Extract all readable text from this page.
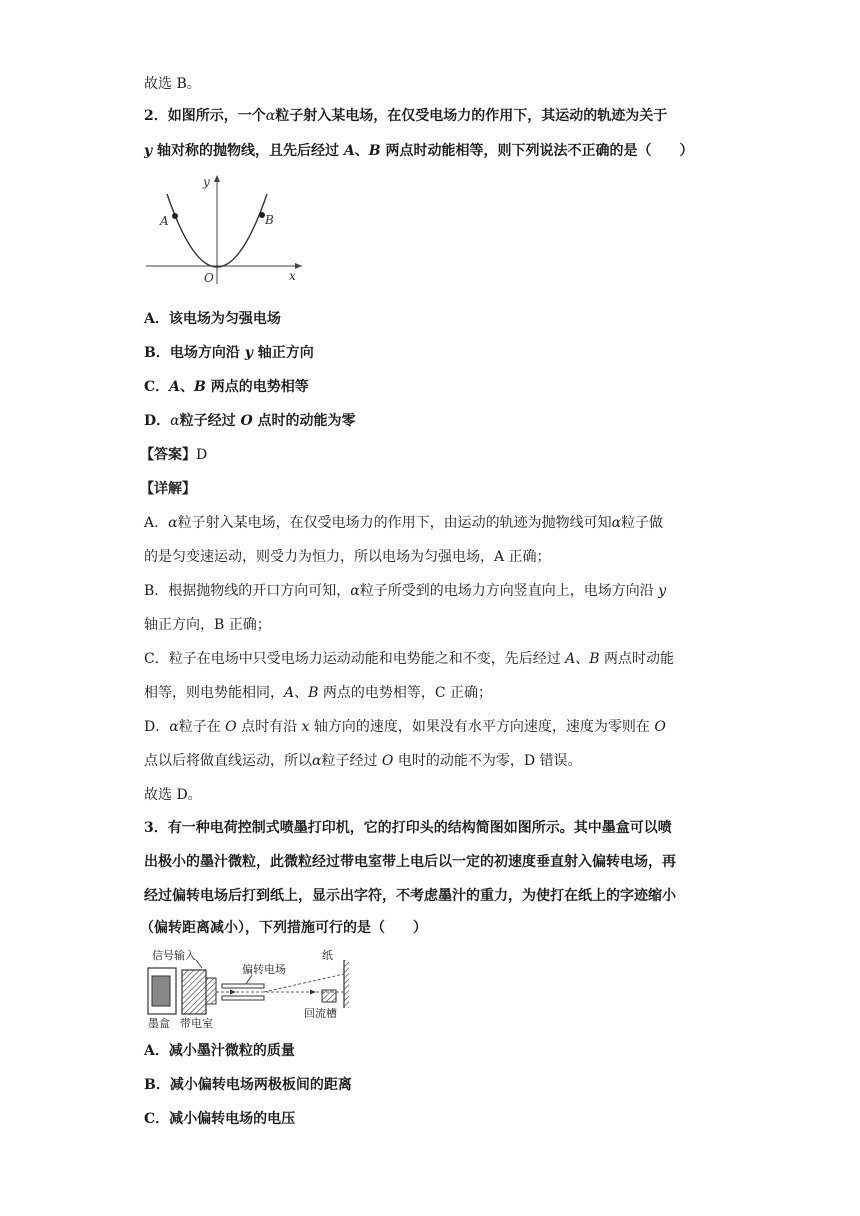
故选 B。
2．如图所示，一个α粒子射入某电场，在仅受电场力的作用下，其运动的轨迹为关于
y 轴对称的抛物线，且先后经过 A、B 两点时动能相等，则下列说法不正确的是（　　）
A	B
y
x
O
A．该电场为匀强电场
B．电场方向沿 y 轴正方向
C．A、B 两点的电势相等
D．α粒子经过 O 点时的动能为零
【答案】D
【详解】
A．α粒子射入某电场，在仅受电场力的作用下，由运动的轨迹为抛物线可知α粒子做
的是匀变速运动，则受力为恒力，所以电场为匀强电场，A 正确；
B．根据抛物线的开口方向可知，α粒子所受到的电场力方向竖直向上，电场方向沿 y
轴正方向，B 正确；
C．粒子在电场中只受电场力运动动能和电势能之和不变，先后经过 A、B 两点时动能
相等，则电势能相同，A、B 两点的电势相等，C 正确；
D．α粒子在 O 点时有沿 x 轴方向的速度，如果没有水平方向速度，速度为零则在 O
点以后将做直线运动，所以α粒子经过 O 电时的动能不为零，D 错误。
故选 D。
3．有一种电荷控制式喷墨打印机，它的打印头的结构简图如图所示。其中墨盒可以喷
出极小的墨汁微粒，此微粒经过带电室带上电后以一定的初速度垂直射入偏转电场，再
经过偏转电场后打到纸上，显示出字符，不考虑墨汁的重力，为使打在纸上的字迹缩小
（偏转距离减小），下列措施可行的是（　　）
信号输入
偏转电场
纸
回流槽
墨盒 带电室
A．减小墨汁微粒的质量
B．减小偏转电场两极板间的距离
C．减小偏转电场的电压
